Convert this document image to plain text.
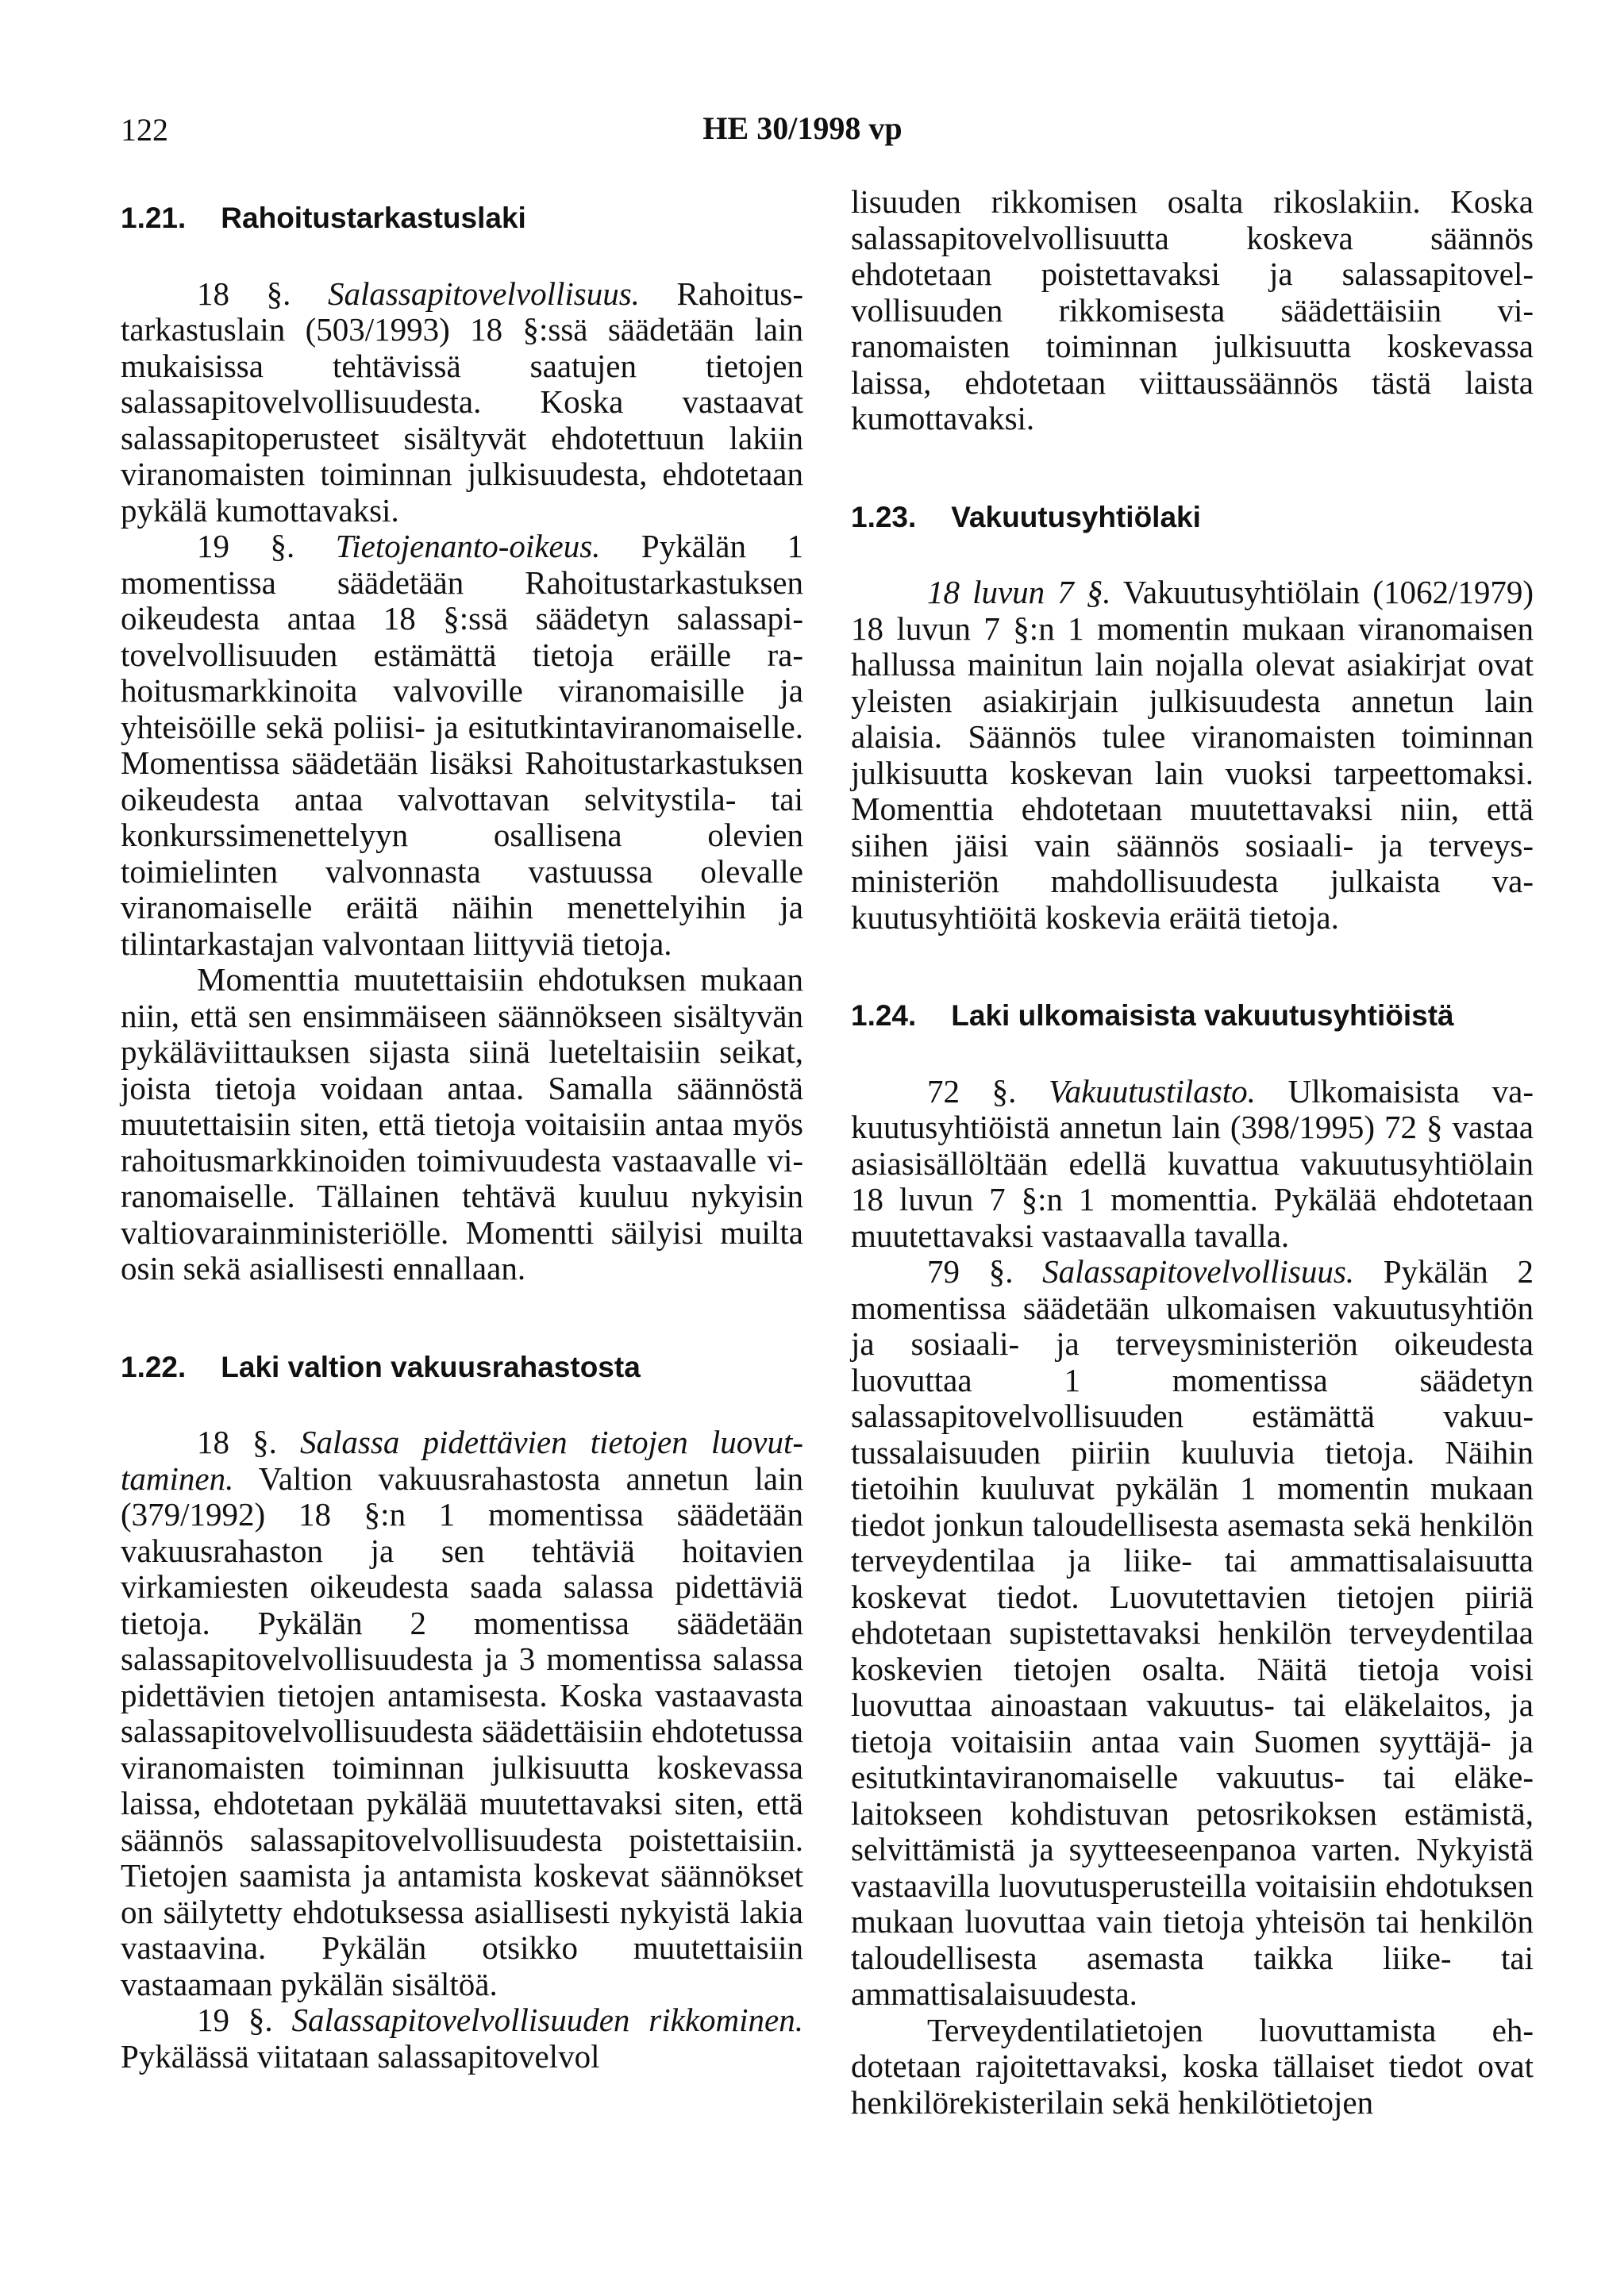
122	HE 30/1998 vp
1.21. Rahoitustarkastuslaki

18 §. Salassapitovelvollisuus. Rahoitustarkastuslain (503/1993) 18 §:ssä säädetään lain mukaisissa tehtävissä saatujen tietojen salassapitovelvollisuudesta. Koska vastaavat salassapitoperusteet sisältyvät ehdotettuun lakiin viranomaisten toiminnan julkisuudesta, ehdotetaan pykälä kumottavaksi.

19 §. Tietojenanto-oikeus. Pykälän 1 momentissa säädetään Rahoitustarkastuksen oikeudesta antaa 18 §:ssä säädetyn salassapitovelvollisuuden estämättä tietoja eräille rahoitusmarkkinoita valvoville viranomaisille ja yhteisöille sekä poliisi- ja esitutkintaviranomaiselle. Momentissa säädetään lisäksi Rahoitustarkastuksen oikeudesta antaa valvottavan selvitystila- tai konkurssimenettelyyn osallisena olevien toimielinten valvonnasta vastuussa olevalle viranomaiselle eräitä näihin menettelyihin ja tilintarkastajan valvontaan liittyviä tietoja.

Momenttia muutettaisiin ehdotuksen mukaan niin, että sen ensimmäiseen säännökseen sisältyvän pykäläviittauksen sijasta siinä lueteltaisiin seikat, joista tietoja voidaan antaa. Samalla säännöstä muutettaisiin siten, että tietoja voitaisiin antaa myös rahoitusmarkkinoiden toimivuudesta vastaavalle viranomaiselle. Tällainen tehtävä kuuluu nykyisin valtiovarainministeriölle. Momentti säilyisi muilta osin sekä asiallisesti ennallaan.

1.22. Laki valtion vakuusrahastosta

18 §. Salassa pidettävien tietojen luovuttaminen. Valtion vakuusrahastosta annetun lain (379/1992) 18 §:n 1 momentissa säädetään vakuusrahaston ja sen tehtäviä hoitavien virkamiesten oikeudesta saada salassa pidettäviä tietoja. Pykälän 2 momentissa säädetään salassapitovelvollisuudesta ja 3 momentissa salassa pidettävien tietojen antamisesta. Koska vastaavasta salassapitovelvollisuudesta säädettäisiin ehdotetussa viranomaisten toiminnan julkisuutta koskevassa laissa, ehdotetaan pykälää muutettavaksi siten, että säännös salassapitovelvollisuudesta poistettaisiin. Tietojen saamista ja antamista koskevat säännökset on säilytetty ehdotuksessa asiallisesti nykyistä lakia vastaavina. Pykälän otsikko muutettaisiin vastaamaan pykälän sisältöä.

19 §. Salassapitovelvollisuuden rikkominen. Pykälässä viitataan salassapitovelvol

lisuuden rikkomisen osalta rikoslakiin. Koska salassapitovelvollisuutta koskeva säännös ehdotetaan poistettavaksi ja salassapitovelvollisuuden rikkomisesta säädettäisiin viranomaisten toiminnan julkisuutta koskevassa laissa, ehdotetaan viittaussäännös tästä laista kumottavaksi.

1.23. Vakuutusyhtiölaki

18 luvun 7 §. Vakuutusyhtiölain (1062/1979) 18 luvun 7 §:n 1 momentin mukaan viranomaisen hallussa mainitun lain nojalla olevat asiakirjat ovat yleisten asiakirjain julkisuudesta annetun lain alaisia. Säännös tulee viranomaisten toiminnan julkisuutta koskevan lain vuoksi tarpeettomaksi. Momenttia ehdotetaan muutettavaksi niin, että siihen jäisi vain säännös sosiaali- ja terveysministeriön mahdollisuudesta julkaista vakuutusyhtiöitä koskevia eräitä tietoja.

1.24. Laki ulkomaisista vakuutusyhtiöistä

72 §. Vakuutustilasto. Ulkomaisista vakuutusyhtiöistä annetun lain (398/1995) 72 § vastaa asiasisällöltään edellä kuvattua vakuutusyhtiölain 18 luvun 7 §:n 1 momenttia. Pykälää ehdotetaan muutettavaksi vastaavalla tavalla.

79 §. Salassapitovelvollisuus. Pykälän 2 momentissa säädetään ulkomaisen vakuutusyhtiön ja sosiaali- ja terveysministeriön oikeudesta luovuttaa 1 momentissa säädetyn salassapitovelvollisuuden estämättä vakuutussalaisuuden piiriin kuuluvia tietoja. Näihin tietoihin kuuluvat pykälän 1 momentin mukaan tiedot jonkun taloudellisesta asemasta sekä henkilön terveydentilaa ja liike- tai ammattisalaisuutta koskevat tiedot. Luovutettavien tietojen piiriä ehdotetaan supistettavaksi henkilön terveydentilaa koskevien tietojen osalta. Näitä tietoja voisi luovuttaa ainoastaan vakuutus- tai eläkelaitos, ja tietoja voitaisiin antaa vain Suomen syyttäjä- ja esitutkintaviranomaiselle vakuutus- tai eläkelaitokseen kohdistuvan petosrikoksen estämistä, selvittämistä ja syytteeseenpanoa varten. Nykyistä vastaavilla luovutusperusteilla voitaisiin ehdotuksen mukaan luovuttaa vain tietoja yhteisön tai henkilön taloudellisesta asemasta taikka liike- tai ammattisalaisuudesta.

Terveydentilatietojen luovuttamista ehdotetaan rajoitettavaksi, koska tällaiset tiedot ovat henkilörekisterilain sekä henkilötietojen
